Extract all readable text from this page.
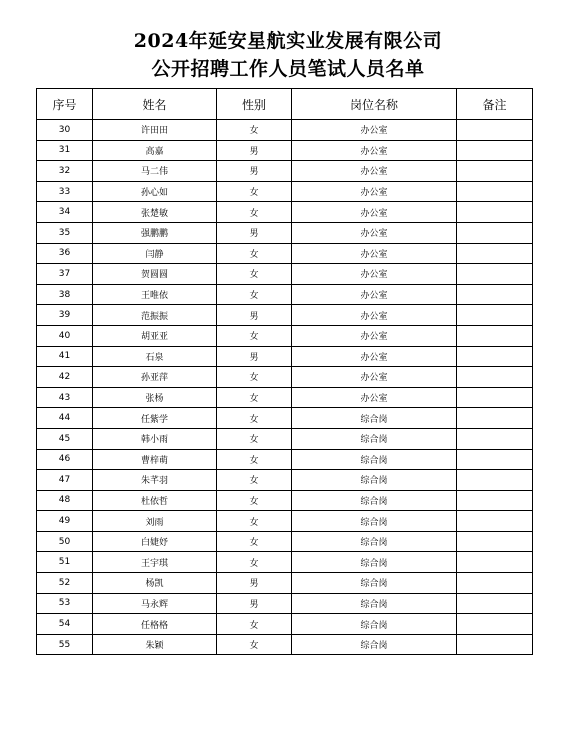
2024年延安星航实业发展有限公司

公开招聘工作人员笔试人员名单

序号	姓名	性别	岗位名称	备注
30	许田田	女	办公室	
31	高嘉	男	办公室	
32	马二伟	男	办公室	
33	孙心如	女	办公室	
34	张楚敏	女	办公室	
35	强鹏鹏	男	办公室	
36	闫静	女	办公室	
37	贺圆圆	女	办公室	
38	王唯依	女	办公室	
39	范振振	男	办公室	
40	胡亚亚	女	办公室	
41	石泉	男	办公室	
42	孙亚萍	女	办公室	
43	张杨	女	办公室	
44	任紫学	女	综合岗	
45	韩小雨	女	综合岗	
46	曹梓萌	女	综合岗	
47	朱芊羽	女	综合岗	
48	杜依哲	女	综合岗	
49	刘雨	女	综合岗	
50	白婕妤	女	综合岗	
51	王宇琪	女	综合岗	
52	杨凯	男	综合岗	
53	马永辉	男	综合岗	
54	任格格	女	综合岗	
55	朱颖	女	综合岗	
